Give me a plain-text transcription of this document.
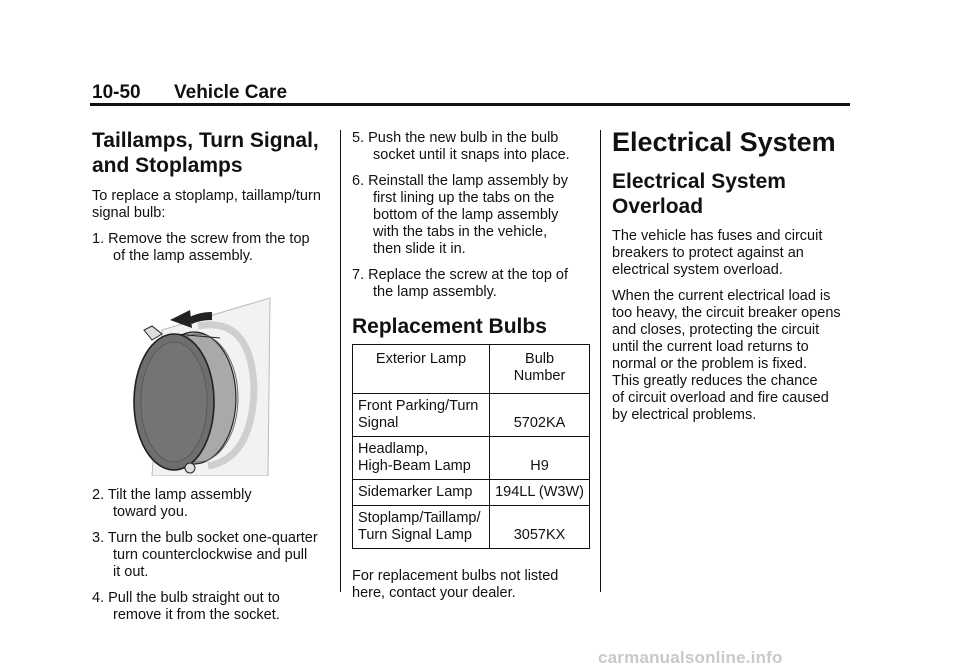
10-50 Vehicle Care
Taillamps, Turn Signal,
and Stoplamps

To replace a stoplamp, taillamp/turn
signal bulb:

1. Remove the screw from the top
of the lamp assembly.

2. Tilt the lamp assembly
toward you.

3. Turn the bulb socket one-quarter
turn counterclockwise and pull
it out.

4. Pull the bulb straight out to
remove it from the socket.

5. Push the new bulb in the bulb
socket until it snaps into place.

6. Reinstall the lamp assembly by
first lining up the tabs on the
bottom of the lamp assembly
with the tabs in the vehicle,
then slide it in.

7. Replace the screw at the top of
the lamp assembly.

Replacement Bulbs
Exterior Lamp	Bulb
Number
Front Parking/Turn
Signal	5702KA
Headlamp,
High-Beam Lamp	H9
Sidemarker Lamp	194LL (W3W)
Stoplamp/Taillamp/
Turn Signal Lamp	3057KX

For replacement bulbs not listed
here, contact your dealer.

Electrical System
Electrical System
Overload

The vehicle has fuses and circuit
breakers to protect against an
electrical system overload.

When the current electrical load is
too heavy, the circuit breaker opens
and closes, protecting the circuit
until the current load returns to
normal or the problem is fixed.
This greatly reduces the chance
of circuit overload and fire caused
by electrical problems.

carmanualsonline.info
